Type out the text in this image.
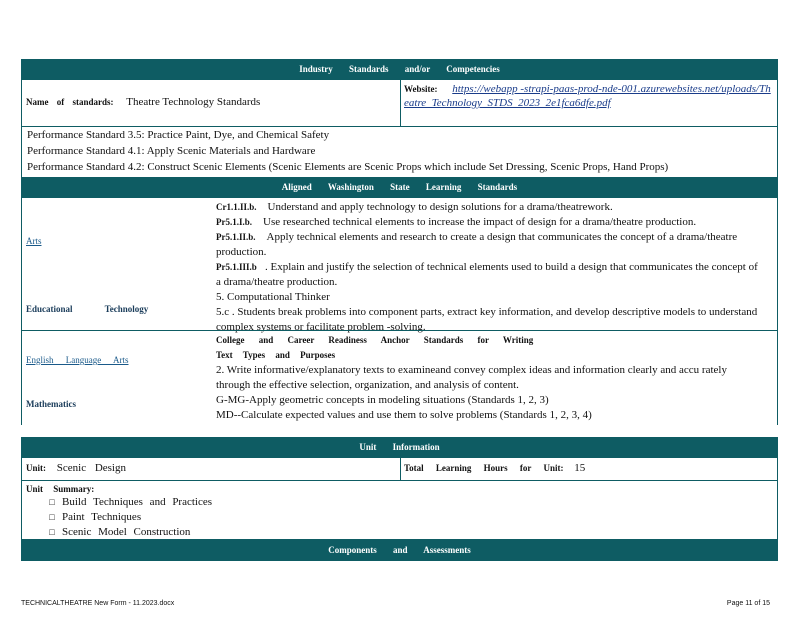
Industry Standards and/or Competencies
Name of standards: Theatre Technology Standards
Website: https://webapp -strapi-paas-prod-nde-001.azurewebsites.net/uploads/Theatre_Technology_STDS_2023_2e1fca6dfe.pdf
Performance Standard 3.5: Practice Paint, Dye, and Chemical Safety
Performance Standard 4.1: Apply Scenic Materials and Hardware
Performance Standard 4.2: Construct Scenic Elements (Scenic Elements are Scenic Props which include Set Dressing, Scenic Props, Hand Props)
Aligned Washington State Learning Standards
Arts
Educational Technology
Cr1.1.II.b. Understand and apply technology to design solutions for a drama/theatrework.
Pr5.1.I.b. Use researched technical elements to increase the impact of design for a drama/theatre production.
Pr5.1.II.b. Apply technical elements and research to create a design that communicates the concept of a drama/theatre production.
Pr5.1.III.b . Explain and justify the selection of technical elements used to build a design that communicates the concept of a drama/theatre production.
5. Computational Thinker
5.c . Students break problems into component parts, extract key information, and develop descriptive models to understand complex systems or facilitate problem -solving.
English Language Arts
Mathematics
College and Career Readiness Anchor Standards for Writing
Text Types and Purposes
2. Write informative/explanatory texts to examineand convey complex ideas and information clearly and accu rately through the effective selection, organization, and analysis of content.
G-MG-Apply geometric concepts in modeling situations (Standards 1, 2, 3)
MD--Calculate expected values and use them to solve problems (Standards 1, 2, 3, 4)
Unit Information
Unit: Scenic Design	Total Learning Hours for Unit: 15
Unit Summary:
□ Build Techniques and Practices
□ Paint Techniques
□ Scenic Model Construction
Components and Assessments
TECHNICALTHEATRE New Form - 11.2023.docx	Page 11 of 15
